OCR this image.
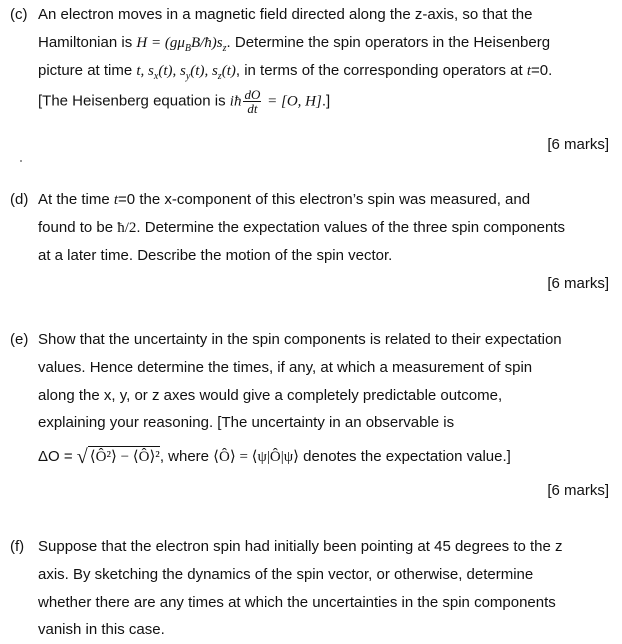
(c) An electron moves in a magnetic field directed along the z-axis, so that the
Hamiltonian is $H = (g\mu_BB/ħ)s_z$. Determine the spin operators in the Heisenberg
picture at time t, $s_x(t)$, $s_y(t)$, $s_z(t)$, in terms of the corresponding operators at t=0.
[The Heisenberg equation is iħ $\frac{dO}{dt} = [O$, H].]
[6 marks]
(d) At the time t=0 the x-component of this electron’s spin was measured, and
found to be ħ/2. Determine the expectation values of the three spin components
at a later time. Describe the motion of the spin vector.
[6 marks]
(e) Show that the uncertainty in the spin components is related to their expectation
values. Hence determine the times, if any, at which a measurement of spin
along the x, y, or z axes would give a completely predictable outcome,
explaining your reasoning. [The uncertainty in an observable is
ΔO = √ ⟨Ô²⟩ − ⟨Ô⟩², where ⟨Ô⟩ = ⟨ψ|Ô|ψ⟩ denotes the expectation value.]
[6 marks]
(f) Suppose that the electron spin had initially been pointing at 45 degrees to the z
axis. By sketching the dynamics of the spin vector, or otherwise, determine
whether there are any times at which the uncertainties in the spin components
vanish in this case.
